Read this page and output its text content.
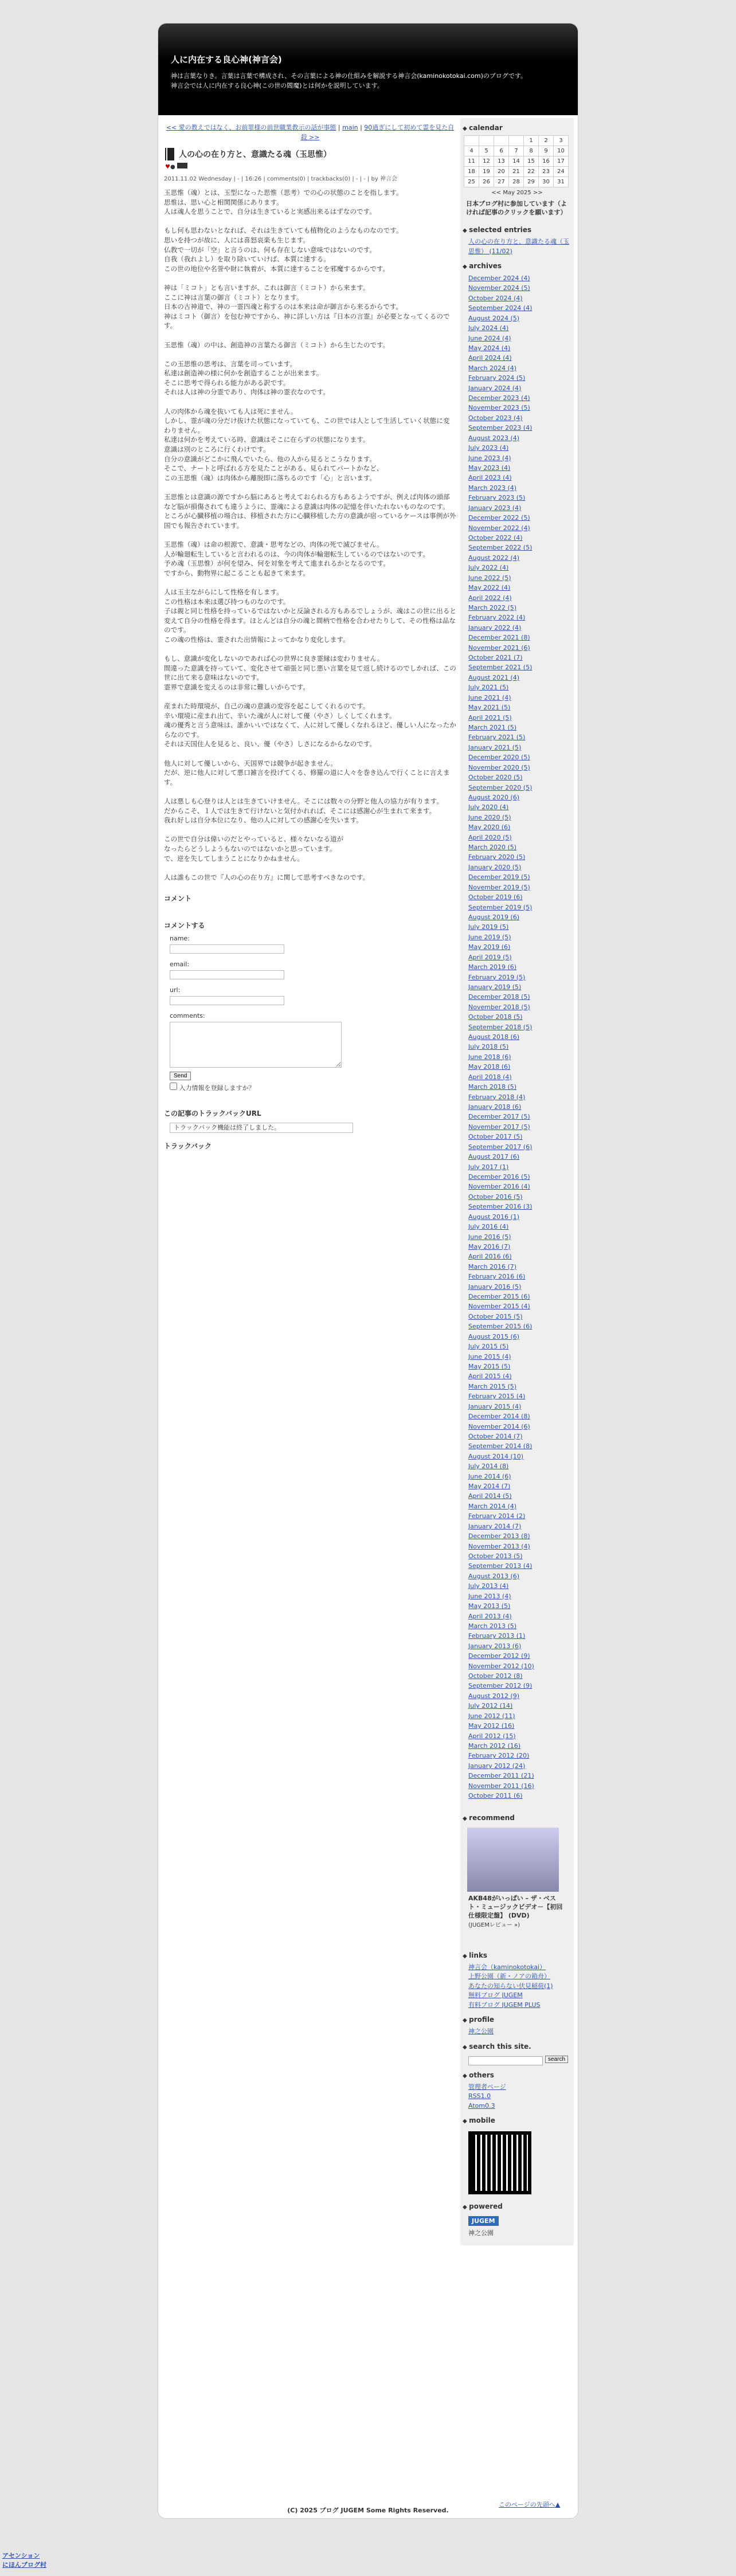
人に内在する良心神(神言会)

神は言葉なりき。言葉は言葉で構成され、その言葉による神の仕組みを解説する神言会(kaminokotokai.com)のブログです。
神言会では人に内在する良心神(この世の閻魔)とは何かを説明しています。

<< 愛の教えではなく、お前罪様の前世職業教示の話が事態 | main | 90過ぎにして初めて霊を見た自殺 >>
人の心の在り方と、意識たる魂（玉思惟）
♥●
2011.11.02 Wednesday | - | 16:26 | comments(0) | trackbacks(0) | - | - | by 神言会

玉思惟（魂）とは、玉型になった思惟（思考）での心の状態のことを指します。
思惟は、思い心と相関関係にあります。
人は魂人を思うことで、自分は生きていると実感出来るはずなのです。

もし何も思わないとなれば、それは生きていても植物化のようなものなのです。
思いを持つが故に、人には喜怒哀楽も生じます。
仏教で一切が「空」と言うのは、何も存在しない意味ではないのです。
自我（我れよし）を取り除いていけば、本質に達する。
この世の地位や名誉や財に執着が、本質に達することを邪魔するからです。

神は「ミコト」とも言いますが、これは御言（ミコト）から来ます。
ここに神は言葉の御言（ミコト）となります。
日本の古神道で、神の一霊四魂と称するのは本来は命が御言から来るからです。
神はミコト（御言）を包む神ですから、神に詳しい方は『日本の言霊』が必要となってくるのです。

玉思惟（魂）の中は、創造神の言葉たる御言（ミコト）から生じたのです。

この玉思惟の思考は、言葉を司っています。
私達は創造神の様に何かを創造することが出来ます。
そこに思考で得られる能力がある訳です。
それは人は神の分霊であり、肉体は神の霊衣なのです。

人の肉体から魂を抜いても人は死にません。
しかし、霊が魂の分だけ抜けた状態になっていても、この世では人として生活していく状態に変わりません。
私達は何かを考えている時、意識はそこに在らずの状態になります。
意識は別のところに行くわけです。
自分の意識がどこかに飛んでいたら、他の人から見るとこうなります。
そこで、ナートと呼ばれる方を見たことがある、見られてパートかなど、
この玉思惟（魂）は肉体から離脱即に落ちるのです「心」と言います。

玉思惟とは意識の源ですから脳にあると考えておられる方もあるようですが、例えば肉体の頭部など脳が損傷されても違うように、霊魂による意識は肉体の記憶を伴いたれないものなのです。
ところが心臓移植の場合は、移植された方に心臓移植した方の意識が宿っているケースは事例が外国でも報告されています。

玉思惟（魂）は命の根源で、意識・思考などの、肉体の死で滅びません。
人が輪廻転生していると言われるのは、今の肉体が輪廻転生しているのではないのです。
予め魂（玉思惟）が何を望み、何を対象を考えて進まれるかとなるのです。
ですから、動物界に起こることも起きて来ます。

人は玉主ながらにして性格を有します。
この性格は本来は選び持つものなのです。
子は親と同じ性格を持っているではないかと反論される方もあるでしょうが、魂はこの世に出ると変えて自分の性格を得ます。ほとんどは自分の魂と間柄で性格を合わせたりして、その性格は品なのです。
この魂の性格は、霊された出情報によってかなり変化します。

もし、意識が変化しないのであれば心の世界に良き霊縁は変わりません。
間違った意識を持っていて、変化させて頑張と同じ悪い言葉を見て返し続けるのでしかれば、この世に出て来る意味はないのです。
霊界で意識を変えるのは非常に難しいからです。

産まれた時環境が、自己の魂の意識の変容を起こしてくれるのです。
辛い環境に産まれ出て、辛いた魂が人に対して優（やさ）しくしてくれます。
魂の優秀と言う意味は、誰かいいではなくて、人に対して優しくなれるほど、優しい人になったからなのです。
それは天国住人を見ると、良い、優（やさ）しさになるからなのです。

他人に対して優しいから、天国界では競争が起きません。
だが、逆に他人に対して悪口雑言を投げてくる、修羅の道に人々を巻き込んで行くことに言えます。

人は悪しも心登りは人とは生きていけません。そこには数々の分野と他人の協力が有ります。
だからこそ、１人では生きて行けないと気付かれれば、そこには感謝心が生まれて来ます。
我れ好しは自分本位になり、他の人に対しての感謝心を失います。

この世で自分は偉いのだとやっていると、様々ないなる道が
なったらどうしようもないのではないかと思っています。
で、逆を失してしまうことになりかねません。

人は誰もこの世で『人の心の在り方』に関して思考すべきなのです。

コメント
コメントする
name:
email:
url:
comments:
Send
入力情報を登録しますか？
この記事のトラックバックURL
トラックバック機能は終了しました。
トラックバック
◆ calendar
				1	2	3
4	5	6	7	8	9	10
11	12	13	14	15	16	17
18	19	20	21	22	23	24
25	26	27	28	29	30	31
<< May 2025 >>
日本ブログ村に参加しています（よければ記事のクリックを願います）
◆ selected entries
人の心の在り方と、意識たる魂（玉思惟） (11/02)
◆ archives
December 2024 (4)
November 2024 (5)
October 2024 (4)
September 2024 (4)
August 2024 (5)
July 2024 (4)
June 2024 (4)
May 2024 (4)
April 2024 (4)
March 2024 (4)
February 2024 (5)
January 2024 (4)
December 2023 (4)
November 2023 (5)
October 2023 (4)
September 2023 (4)
August 2023 (4)
July 2023 (4)
June 2023 (4)
May 2023 (4)
April 2023 (4)
March 2023 (4)
February 2023 (5)
January 2023 (4)
December 2022 (5)
November 2022 (4)
October 2022 (4)
September 2022 (5)
August 2022 (4)
July 2022 (4)
June 2022 (5)
May 2022 (4)
April 2022 (4)
March 2022 (5)
February 2022 (4)
January 2022 (4)
December 2021 (8)
November 2021 (6)
October 2021 (7)
September 2021 (5)
August 2021 (4)
July 2021 (5)
June 2021 (4)
May 2021 (5)
April 2021 (5)
March 2021 (5)
February 2021 (5)
January 2021 (5)
December 2020 (5)
November 2020 (5)
October 2020 (5)
September 2020 (5)
August 2020 (6)
July 2020 (4)
June 2020 (5)
May 2020 (6)
April 2020 (5)
March 2020 (5)
February 2020 (5)
January 2020 (5)
December 2019 (5)
November 2019 (5)
October 2019 (6)
September 2019 (5)
August 2019 (6)
July 2019 (5)
June 2019 (5)
May 2019 (6)
April 2019 (5)
March 2019 (6)
February 2019 (5)
January 2019 (5)
December 2018 (5)
November 2018 (5)
October 2018 (5)
September 2018 (5)
August 2018 (6)
July 2018 (5)
June 2018 (6)
May 2018 (6)
April 2018 (4)
March 2018 (5)
February 2018 (4)
January 2018 (6)
December 2017 (5)
November 2017 (5)
October 2017 (5)
September 2017 (6)
August 2017 (6)
July 2017 (1)
December 2016 (5)
November 2016 (4)
October 2016 (5)
September 2016 (3)
August 2016 (1)
July 2016 (4)
June 2016 (5)
May 2016 (7)
April 2016 (6)
March 2016 (7)
February 2016 (6)
January 2016 (5)
December 2015 (6)
November 2015 (4)
October 2015 (5)
September 2015 (6)
August 2015 (6)
July 2015 (5)
June 2015 (4)
May 2015 (5)
April 2015 (4)
March 2015 (5)
February 2015 (4)
January 2015 (4)
December 2014 (8)
November 2014 (6)
October 2014 (7)
September 2014 (8)
August 2014 (10)
July 2014 (8)
June 2014 (6)
May 2014 (7)
April 2014 (5)
March 2014 (4)
February 2014 (2)
January 2014 (7)
December 2013 (8)
November 2013 (4)
October 2013 (5)
September 2013 (4)
August 2013 (6)
July 2013 (4)
June 2013 (4)
May 2013 (5)
April 2013 (4)
March 2013 (5)
February 2013 (1)
January 2013 (6)
December 2012 (9)
November 2012 (10)
October 2012 (8)
September 2012 (9)
August 2012 (9)
July 2012 (14)
June 2012 (11)
May 2012 (16)
April 2012 (15)
March 2012 (16)
February 2012 (20)
January 2012 (24)
December 2011 (21)
November 2011 (16)
October 2011 (6)
◆ recommend
AKB48がいっぱい – ザ・ベスト・ミュージックビデオ－【初回仕様限定盤】 (DVD)
(JUGEMレビュー »)
◆ links
神言会（kaminokotokai）
上野公園（新・ノアの箱舟）
あなたの知らない伏見稲荷(1)
無料ブログ JUGEM
有料ブログ JUGEM PLUS
◆ profile
神之公園
◆ search this site.
search
◆ others
管理者ページ
RSS1.0
Atom0.3
◆ mobile
◆ powered
JUGEM
神之公園
このページの先頭へ▲
(C) 2025 ブログ JUGEM Some Rights Reserved.
アセンション
にほんブログ村
